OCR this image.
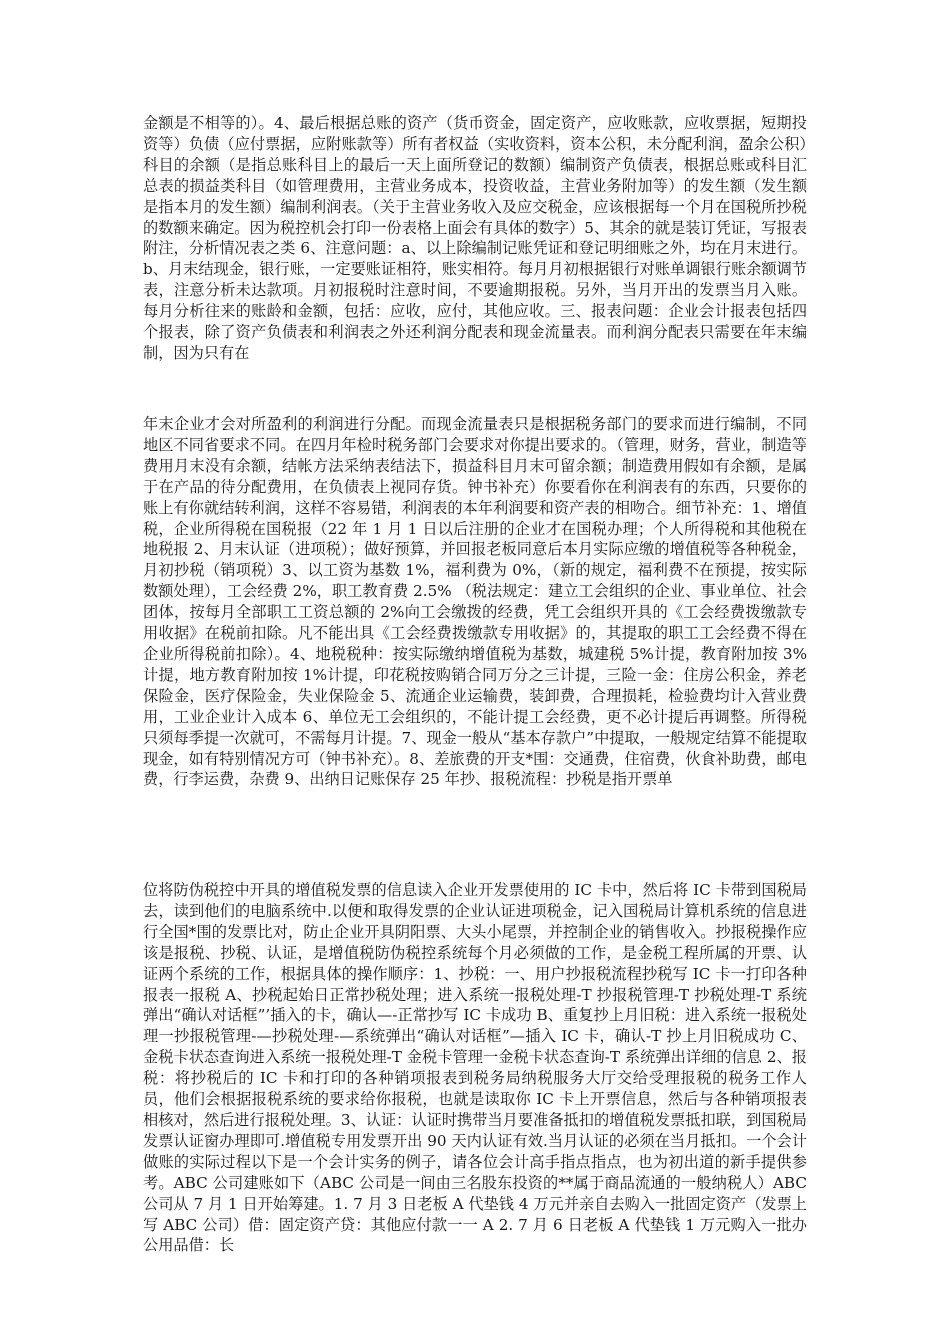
金额是不相等的）。4、最后根据总账的资产（货币资金，固定资产，应收账款，应收票据，短期投资等）负债（应付票据，应附账款等）所有者权益（实收资料，资本公积，未分配利润，盈余公积）科目的余额（是指总账科目上的最后一天上面所登记的数额）编制资产负债表，根据总账或科目汇总表的损益类科目（如管理费用，主营业务成本，投资收益，主营业务附加等）的发生额（发生额是指本月的发生额）编制利润表。（关于主营业务收入及应交税金，应该根据每一个月在国税所抄税的数额来确定。因为税控机会打印一份表格上面会有具体的数字）5、其余的就是装订凭证，写报表附注，分析情况表之类 6、注意问题：a、以上除编制记账凭证和登记明细账之外，均在月末进行。b、月末结现金，银行账，一定要账证相符，账实相符。每月月初根据银行对账单调银行账余额调节表，注意分析未达款项。月初报税时注意时间，不要逾期报税。另外，当月开出的发票当月入账。每月分析往来的账龄和金额，包括：应收，应付，其他应收。三、报表问题：企业会计报表包括四个报表，除了资产负债表和利润表之外还利润分配表和现金流量表。而利润分配表只需要在年末编制，因为只有在

年末企业才会对所盈利的利润进行分配。而现金流量表只是根据税务部门的要求而进行编制，不同地区不同省要求不同。在四月年检时税务部门会要求对你提出要求的。（管理，财务，营业，制造等费用月末没有余额，结帐方法采纳表结法下，损益科目月末可留余额；制造费用假如有余额，是属于在产品的待分配费用，在负债表上视同存货。钟书补充）你要看你在利润表有的东西，只要你的账上有你就结转利润，这样不容易错，利润表的本年利润要和资产表的相吻合。细节补充：1、增值税，企业所得税在国税报（22 年 1 月 1 日以后注册的企业才在国税办理；个人所得税和其他税在地税报 2、月末认证（进项税）；做好预算，并回报老板同意后本月实际应缴的增值税等各种税金，月初抄税（销项税）3、以工资为基数 1%，福利费为 0%，（新的规定，福利费不在预提，按实际数额处理），工会经费 2%，职工教育费 2.5% （税法规定：建立工会组织的企业、事业单位、社会团体，按每月全部职工工资总额的 2%向工会缴拨的经费，凭工会组织开具的《工会经费拨缴款专用收据》在税前扣除。凡不能出具《工会经费拨缴款专用收据》的，其提取的职工工会经费不得在企业所得税前扣除）。4、地税税种：按实际缴纳增值税为基数，城建税 5%计提，教育附加按 3%计提，地方教育附加按 1%计提，印花税按购销合同万分之三计提，三险一金：住房公积金，养老保险金，医疗保险金，失业保险金 5、流通企业运输费，装卸费，合理损耗，检验费均计入营业费用，工业企业计入成本 6、单位无工会组织的，不能计提工会经费，更不必计提后再调整。所得税只须每季提一次就可，不需每月计提。7、现金一般从“基本存款户”中提取，一般规定结算不能提取现金，如有特别情况方可（钟书补充）。8、差旅费的开支*围：交通费，住宿费，伙食补助费，邮电费，行李运费，杂费 9、出纳日记账保存 25 年抄、报税流程：抄税是指开票单

位将防伪税控中开具的增值税发票的信息读入企业开发票使用的 IC 卡中，然后将 IC 卡带到国税局去，读到他们的电脑系统中.以便和取得发票的企业认证进项税金，记入国税局计算机系统的信息进行全国*围的发票比对，防止企业开具阴阳票、大头小尾票，并控制企业的销售收入。抄报税操作应该是报税、抄税、认证，是增值税防伪税控系统每个月必须做的工作，是金税工程所属的开票、认证两个系统的工作，根据具体的操作顺序：1、抄税：一、用户抄报税流程抄税写 IC 卡一打印各种报表一报税 A、抄税起始日正常抄税处理；进入系统一报税处理-T 抄报税管理-T 抄税处理-T 系统弹出“确认对话框”’插入的卡，确认—-正常抄写 IC 卡成功 B、重复抄上月旧税：进入系统一报税处理一抄报税管理-—抄税处理-—系统弹出“确认对话框”—插入 IC 卡，确认-T 抄上月旧税成功 C、金税卡状态查询进入系统一报税处理-T 金税卡管理一金税卡状态查询-T 系统弹出详细的信息 2、报税：将抄税后的 IC 卡和打印的各种销项报表到税务局纳税服务大厅交给受理报税的税务工作人员，他们会根据报税系统的要求给你报税，也就是读取你 IC 卡上开票信息，然后与各种销项报表相核对，然后进行报税处理。3、认证：认证时携带当月要准备抵扣的增值税发票抵扣联，到国税局发票认证窗办理即可.增值税专用发票开出 90 天内认证有效.当月认证的必须在当月抵扣。一个会计做账的实际过程以下是一个会计实务的例子，请各位会计高手指点指点，也为初出道的新手提供参考。ABC 公司建账如下（ABC 公司是一间由三名股东投资的**属于商品流通的一般纳税人）ABC 公司从 7 月 1 日开始筹建。1. 7 月 3 日老板 A 代垫钱 4 万元并亲自去购入一批固定资产（发票上写 ABC 公司）借：固定资产贷：其他应付款一一 A 2. 7 月 6 日老板 A 代垫钱 1 万元购入一批办公用品借：长
